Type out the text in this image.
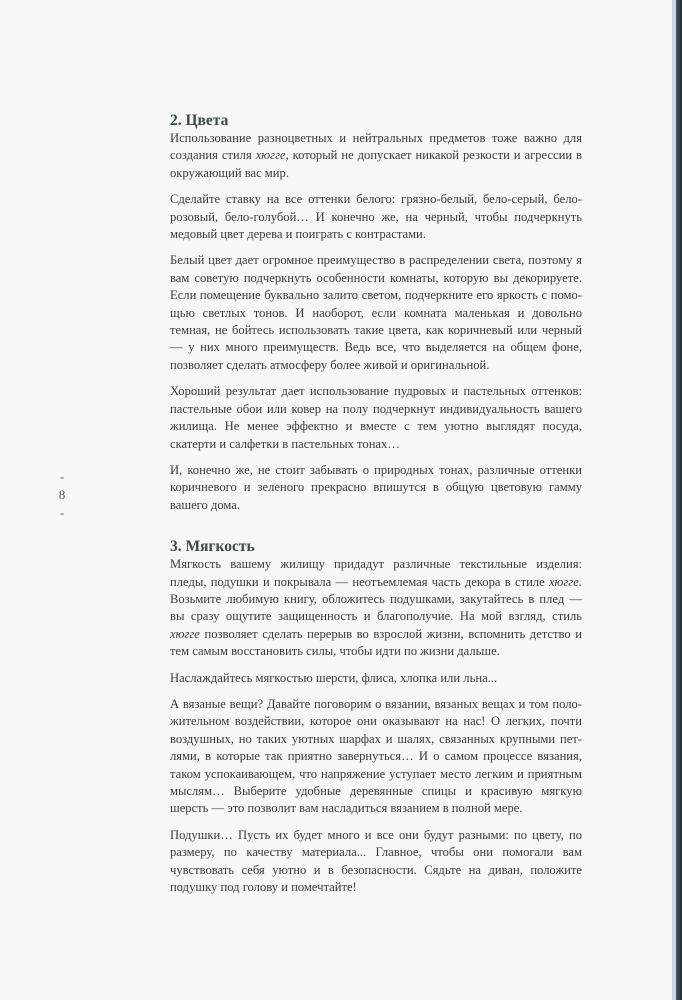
-
8
-
2. Цвета

Использование разноцветных и нейтральных предметов тоже важно для создания стиля хюгге, который не допускает никакой резкости и агрессии в окружающий вас мир.

Сделайте ставку на все оттенки белого: грязно-белый, бело-серый, бело-розовый, бело-голубой… И конечно же, на черный, чтобы подчеркнуть медовый цвет дерева и поиграть с контрастами.

Белый цвет дает огромное преимущество в распределении света, поэтому я вам советую подчеркнуть особенности комнаты, которую вы декорируете. Если помещение буквально залито светом, подчеркните его яркость с помощью светлых тонов. И наоборот, если комната маленькая и довольно темная, не бойтесь использовать такие цвета, как коричневый или черный — у них много преимуществ. Ведь все, что выделяется на общем фоне, позволяет сделать атмосферу более живой и оригинальной.

Хороший результат дает использование пудровых и пастельных оттенков: пастельные обои или ковер на полу подчеркнут индивидуальность вашего жилища. Не менее эффектно и вместе с тем уютно выглядят посуда, скатерти и салфетки в пастельных тонах…

И, конечно же, не стоит забывать о природных тонах, различные оттенки коричневого и зеленого прекрасно впишутся в общую цветовую гамму вашего дома.

3. Мягкость

Мягкость вашему жилищу придадут различные текстильные изделия: пледы, подушки и покрывала — неотъемлемая часть декора в стиле хюгге. Возьмите любимую книгу, обложитесь подушками, закутайтесь в плед — вы сразу ощутите защищенность и благополучие. На мой взгляд, стиль хюгге позволяет сделать перерыв во взрослой жизни, вспомнить детство и тем самым восстановить силы, чтобы идти по жизни дальше.

Наслаждайтесь мягкостью шерсти, флиса, хлопка или льна...

А вязаные вещи? Давайте поговорим о вязании, вязаных вещах и том положительном воздействии, которое они оказывают на нас! О легких, почти воздушных, но таких уютных шарфах и шалях, связанных крупными петлями, в которые так приятно завернуться… И о самом процессе вязания, таком успокаивающем, что напряжение уступает место легким и приятным мыслям… Выберите удобные деревянные спицы и красивую мягкую шерсть — это позволит вам насладиться вязанием в полной мере.

Подушки… Пусть их будет много и все они будут разными: по цвету, по размеру, по качеству материала... Главное, чтобы они помогали вам чувствовать себя уютно и в безопасности. Сядьте на диван, положите подушку под голову и помечтайте!
